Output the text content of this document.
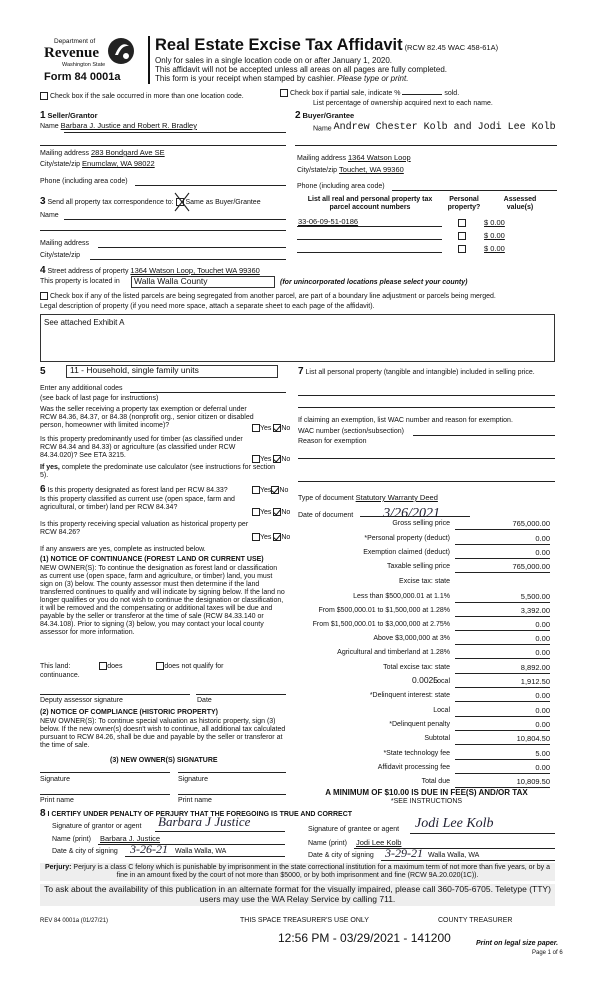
Department of
Revenue
Washington State
Form 84 0001a
Real Estate Excise Tax Affidavit (RCW 82.45 WAC 458-61A)
Only for sales in a single location code on or after January 1, 2020.
This affidavit will not be accepted unless all areas on all pages are fully completed.
This form is your receipt when stamped by cashier. Please type or print.
Check box if the sale occurred in more than one location code.	Check box if partial sale, indicate %	sold.
List percentage of ownership acquired next to each name.
1 Seller/Grantor
Name Barbara J. Justice and Robert R. Bradley
Mailing address 283 Bondgard Ave SE
City/state/zip Enumclaw, WA 98022
Phone (including area code)
2 Buyer/Grantee
Name Andrew Chester Kolb and Jodi Lee Kolb
Mailing address 1364 Watson Loop
City/state/zip Touchet, WA 99360
Phone (including area code)
3 Send all property tax correspondence to: Same as Buyer/Grantee
Name
Mailing address
City/state/zip
List all real and personal property tax parcel account numbers
Personal property?
Assessed value(s)
33-06-09-51-0186	$ 0.00
$ 0.00
$ 0.00
4 Street address of property 1364 Watson Loop, Touchet WA 99360
This property is located in	Walla Walla County	(for unincorporated locations please select your county)
Check box if any of the listed parcels are being segregated from another parcel, are part of a boundary line adjustment or parcels being merged.
Legal description of property (if you need more space, attach a separate sheet to each page of the affidavit).
See attached Exhibit A
5	11 - Household, single family units
Enter any additional codes
(see back of last page for instructions)
Was the seller receiving a property tax exemption or deferral under RCW 84.36, 84.37, or 84.38 (nonprofit org., senior citizen or disabled person, homeowner with limited income)?	Yes No
Is this property predominantly used for timber (as classified under RCW 84.34 and 84.33) or agriculture (as classified under RCW 84.34.020)? See ETA 3215.
Yes No
If yes, complete the predominate use calculator (see instructions for section 5).
6 Is this property designated as forest land per RCW 84.33?	Yes No
Is this property classified as current use (open space, farm and agricultural, or timber) land per RCW 84.34?
Yes No
Is this property receiving special valuation as historical property per RCW 84.26?
Yes No
If any answers are yes, complete as instructed below.
(1) NOTICE OF CONTINUANCE (FOREST LAND OR CURRENT USE)
NEW OWNER(S): To continue the designation as forest land or classification as current use (open space, farm and agriculture, or timber) land, you must sign on (3) below. The county assessor must then determine if the land transferred continues to qualify and will indicate by signing below. If the land no longer qualifies or you do not wish to continue the designation or classification, it will be removed and the compensating or additional taxes will be due and payable by the seller or transferor at the time of sale (RCW 84.33.140 or 84.34.108). Prior to signing (3) below, you may contact your local county assessor for more information.
This land:	does	does not qualify for
continuance.
Deputy assessor signature	Date
(2) NOTICE OF COMPLIANCE (HISTORIC PROPERTY)
NEW OWNER(S): To continue special valuation as historic property, sign (3) below. If the new owner(s) doesn't wish to continue, all additional tax calculated pursuant to RCW 84.26, shall be due and payable by the seller or transferor at the time of sale.
(3) NEW OWNER(S) SIGNATURE
Signature	Signature
Print name	Print name
7 List all personal property (tangible and intangible) included in selling price.
If claiming an exemption, list WAC number and reason for exemption.
WAC number (section/subsection)
Reason for exemption
Type of document Statutory Warranty Deed
Date of document 3/26/2021
Gross selling price	765,000.00
*Personal property (deduct)	0.00
Exemption claimed (deduct)	0.00
Taxable selling price	765,000.00
Excise tax: state
Less than $500,000.01 at 1.1%	5,500.00
From $500,000.01 to $1,500,000 at 1.28%	3,392.00
From $1,500,000.01 to $3,000,000 at 2.75%	0.00
Above $3,000,000 at 3%	0.00
Agricultural and timberland at 1.28%	0.00
Total excise tax: state	8,892.00
Local	1,912.50
*Delinquent interest: state	0.00
Local	0.00
*Delinquent penalty	0.00
Subtotal	10,804.50
*State technology fee	5.00
Affidavit processing fee	0.00
Total due	10,809.50
0.0025
A MINIMUM OF $10.00 IS DUE IN FEE(S) AND/OR TAX
*SEE INSTRUCTIONS
8 I CERTIFY UNDER PENALTY OF PERJURY THAT THE FOREGOING IS TRUE AND CORRECT
Signature of grantor or agent Barbara J Justice
Name (print) Barbara J. Justice
Date & city of signing 3-26-21 Walla Walla, WA
Signature of grantee or agent Jodi Lee Kolb
Name (print) Jodi Lee Kolb
Date & city of signing 3-29-21 Walla Walla, WA
Perjury: Perjury is a class C felony which is punishable by imprisonment in the state correctional institution for a maximum term of not more than five years, or by a fine in an amount fixed by the court of not more than $5000, or by both imprisonment and fine (RCW 9A.20.020(1C)).
To ask about the availability of this publication in an alternate format for the visually impaired, please call 360-705-6705. Teletype (TTY) users may use the WA Relay Service by calling 711.
REV 84 0001a (01/27/21)	THIS SPACE TREASURER'S USE ONLY	COUNTY TREASURER
12:56 PM - 03/29/2021 - 141200	Print on legal size paper.
Page 1 of 6
